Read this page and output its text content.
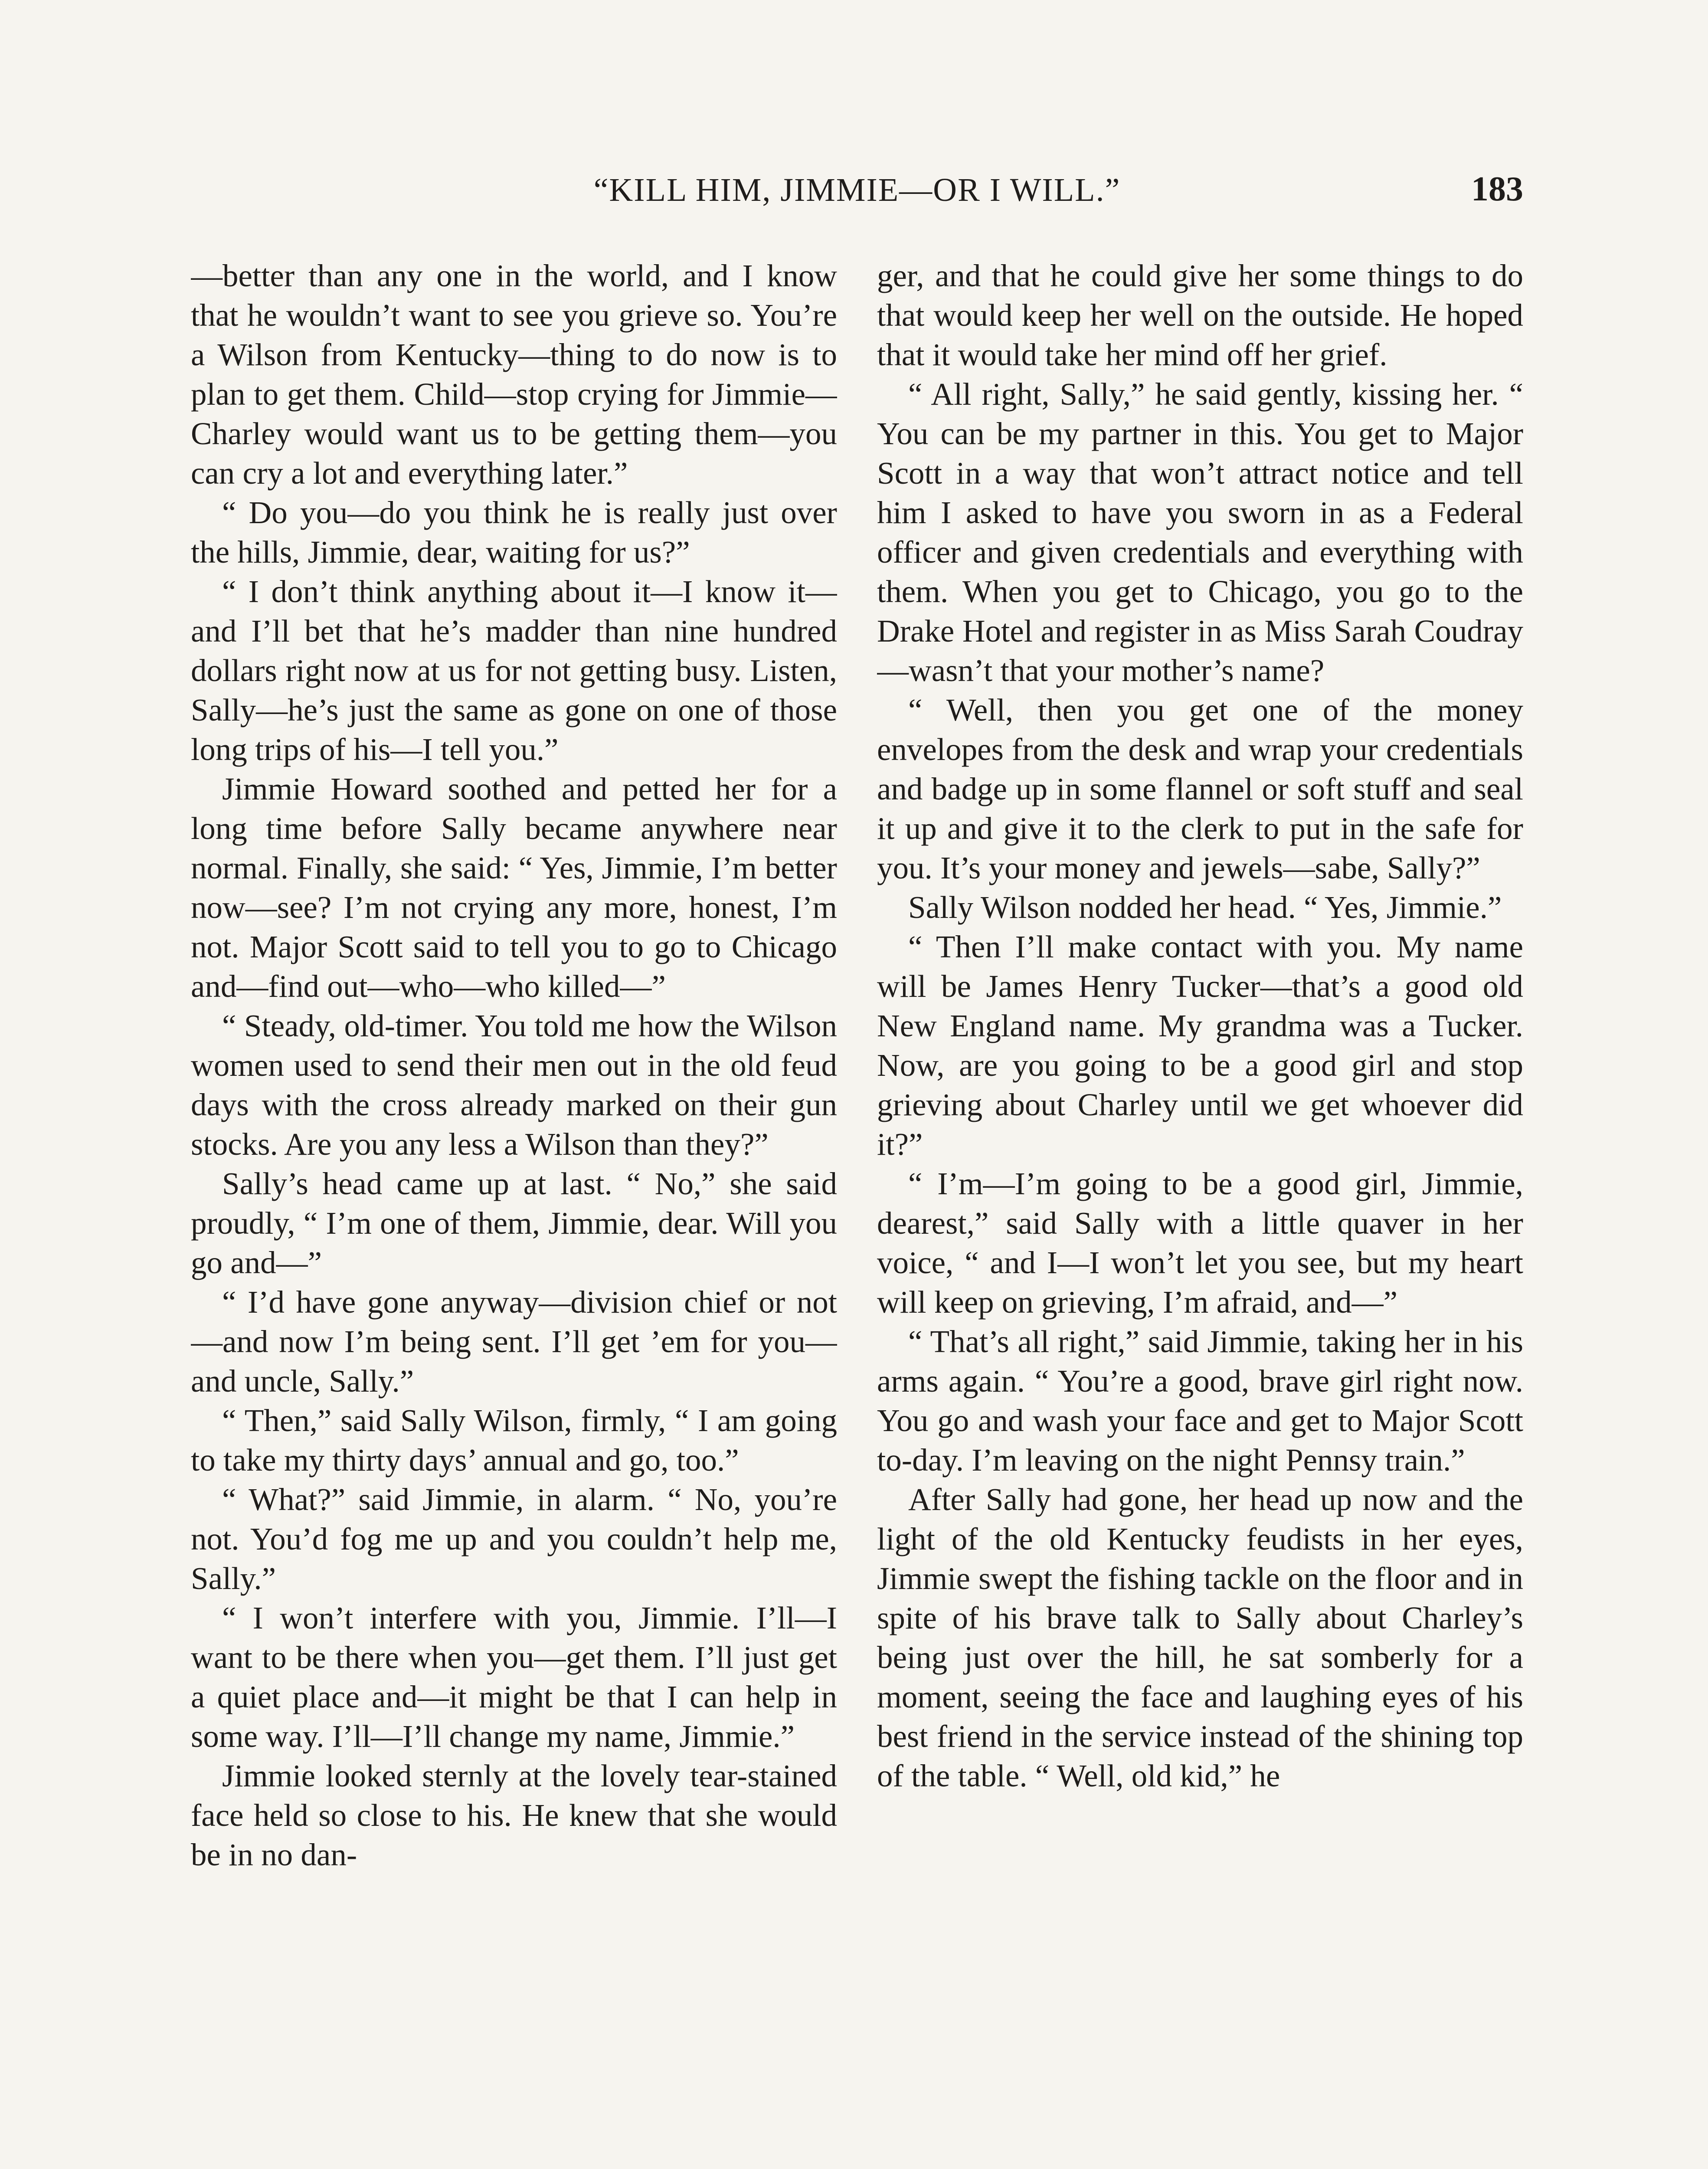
“KILL HIM, JIMMIE—OR I WILL.”	183

—better than any one in the world, and I know that he wouldn’t want to see you grieve so. You’re a Wilson from Kentucky—thing to do now is to plan to get them. Child—stop crying for Jimmie—Charley would want us to be getting them—you can cry a lot and everything later.”

“ Do you—do you think he is really just over the hills, Jimmie, dear, waiting for us?”

“ I don’t think anything about it—I know it—and I’ll bet that he’s madder than nine hundred dollars right now at us for not getting busy. Listen, Sally—he’s just the same as gone on one of those long trips of his—I tell you.”

Jimmie Howard soothed and petted her for a long time before Sally became anywhere near normal. Finally, she said: “ Yes, Jimmie, I’m better now—see? I’m not crying any more, honest, I’m not. Major Scott said to tell you to go to Chicago and—find out—who—who killed—”

“ Steady, old-timer. You told me how the Wilson women used to send their men out in the old feud days with the cross already marked on their gun stocks. Are you any less a Wilson than they?”

Sally’s head came up at last. “ No,” she said proudly, “ I’m one of them, Jimmie, dear. Will you go and—”

“ I’d have gone anyway—division chief or not—and now I’m being sent. I’ll get ’em for you—and uncle, Sally.”

“ Then,” said Sally Wilson, firmly, “ I am going to take my thirty days’ annual and go, too.”

“ What?” said Jimmie, in alarm. “ No, you’re not. You’d fog me up and you couldn’t help me, Sally.”

“ I won’t interfere with you, Jimmie. I’ll—I want to be there when you—get them. I’ll just get a quiet place and—it might be that I can help in some way. I’ll—I’ll change my name, Jimmie.”

Jimmie looked sternly at the lovely tear-stained face held so close to his. He knew that she would be in no dan-

ger, and that he could give her some things to do that would keep her well on the outside. He hoped that it would take her mind off her grief.

“ All right, Sally,” he said gently, kissing her. “ You can be my partner in this. You get to Major Scott in a way that won’t attract notice and tell him I asked to have you sworn in as a Federal officer and given credentials and everything with them. When you get to Chicago, you go to the Drake Hotel and register in as Miss Sarah Coudray—wasn’t that your mother’s name?

“ Well, then you get one of the money envelopes from the desk and wrap your credentials and badge up in some flannel or soft stuff and seal it up and give it to the clerk to put in the safe for you. It’s your money and jewels—sabe, Sally?”

Sally Wilson nodded her head. “ Yes, Jimmie.”

“ Then I’ll make contact with you. My name will be James Henry Tucker—that’s a good old New England name. My grandma was a Tucker. Now, are you going to be a good girl and stop grieving about Charley until we get whoever did it?”

“ I’m—I’m going to be a good girl, Jimmie, dearest,” said Sally with a little quaver in her voice, “ and I—I won’t let you see, but my heart will keep on grieving, I’m afraid, and—”

“ That’s all right,” said Jimmie, taking her in his arms again. “ You’re a good, brave girl right now. You go and wash your face and get to Major Scott to-day. I’m leaving on the night Pennsy train.”

After Sally had gone, her head up now and the light of the old Kentucky feudists in her eyes, Jimmie swept the fishing tackle on the floor and in spite of his brave talk to Sally about Charley’s being just over the hill, he sat somberly for a moment, seeing the face and laughing eyes of his best friend in the service instead of the shining top of the table. “ Well, old kid,” he
